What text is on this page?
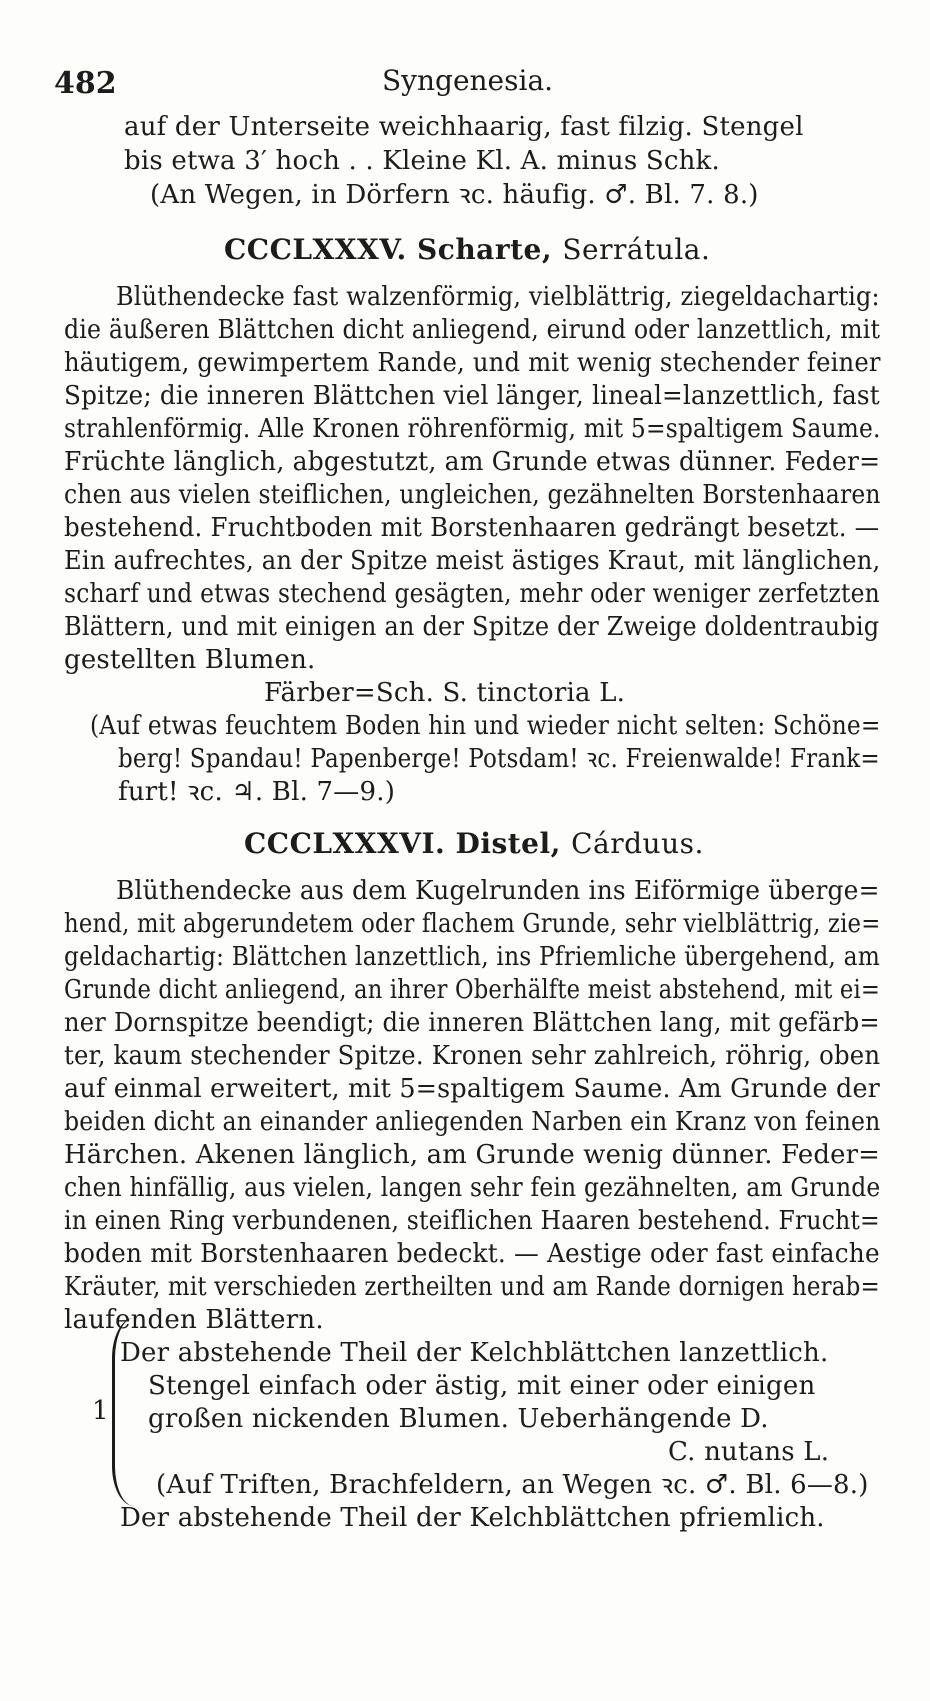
482	Syngenesia.
auf der Unterseite weichhaarig, fast filzig. Stengel
bis etwa 3′ hoch . . Kleine Kl. A. minus Schk.
(An Wegen, in Dörfern ꝛc. häufig. ♂. Bl. 7. 8.)
CCCLXXXV. Scharte, Serrátula.
Blüthendecke fast walzenförmig, vielblättrig, ziegeldachartig:
die äußeren Blättchen dicht anliegend, eirund oder lanzettlich, mit
häutigem, gewimpertem Rande, und mit wenig stechender feiner
Spitze; die inneren Blättchen viel länger, lineal=lanzettlich, fast
strahlenförmig. Alle Kronen röhrenförmig, mit 5=spaltigem Saume.
Früchte länglich, abgestutzt, am Grunde etwas dünner. Feder=
chen aus vielen steiflichen, ungleichen, gezähnelten Borstenhaaren
bestehend. Fruchtboden mit Borstenhaaren gedrängt besetzt. —
Ein aufrechtes, an der Spitze meist ästiges Kraut, mit länglichen,
scharf und etwas stechend gesägten, mehr oder weniger zerfetzten
Blättern, und mit einigen an der Spitze der Zweige doldentraubig
gestellten Blumen.
Färber=Sch. S. tinctoria L.
(Auf etwas feuchtem Boden hin und wieder nicht selten: Schöne=
berg! Spandau! Papenberge! Potsdam! ꝛc. Freienwalde! Frank=
furt! ꝛc. ♃. Bl. 7—9.)
CCCLXXXVI. Distel, Cárduus.
Blüthendecke aus dem Kugelrunden ins Eiförmige überge=
hend, mit abgerundetem oder flachem Grunde, sehr vielblättrig, zie=
geldachartig: Blättchen lanzettlich, ins Pfriemliche übergehend, am
Grunde dicht anliegend, an ihrer Oberhälfte meist abstehend, mit ei=
ner Dornspitze beendigt; die inneren Blättchen lang, mit gefärb=
ter, kaum stechender Spitze. Kronen sehr zahlreich, röhrig, oben
auf einmal erweitert, mit 5=spaltigem Saume. Am Grunde der
beiden dicht an einander anliegenden Narben ein Kranz von feinen
Härchen. Akenen länglich, am Grunde wenig dünner. Feder=
chen hinfällig, aus vielen, langen sehr fein gezähnelten, am Grunde
in einen Ring verbundenen, steiflichen Haaren bestehend. Frucht=
boden mit Borstenhaaren bedeckt. — Aestige oder fast einfache
Kräuter, mit verschieden zertheilten und am Rande dornigen herab=
laufenden Blättern.
1
Der abstehende Theil der Kelchblättchen lanzettlich.
Stengel einfach oder ästig, mit einer oder einigen
großen nickenden Blumen. Ueberhängende D.
C. nutans L.
(Auf Triften, Brachfeldern, an Wegen ꝛc. ♂. Bl. 6—8.)
Der abstehende Theil der Kelchblättchen pfriemlich.
